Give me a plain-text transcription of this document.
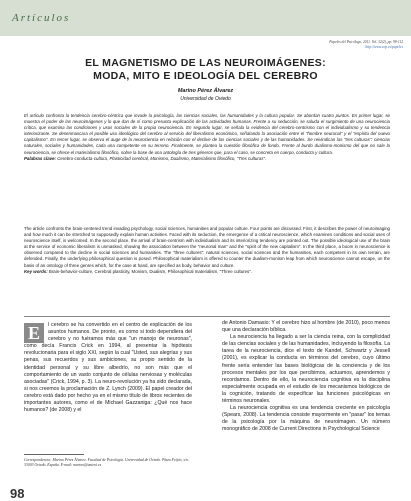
Artículos
Papeles del Psicólogo, 2011. Vol. 32(2), pp. 98-112
http://www.cop.es/papeles
EL MAGNETISMO DE LAS NEUROIMÁGENES:
MODA, MITO E IDEOLOGÍA DEL CEREBRO
Marino Pérez Álvarez
Universidad de Oviedo
El artículo confronta la tendencia cerebro-céntrica que invade la psicología, las ciencias sociales, las humanidades y la cultura popular. Se abordan cuatro puntos. En primer lugar, se muestra el poder de las neuroimágenes y lo que dan de sí como presunta explicación de las actividades humanas. Frente a su seducción, se saluda el surgimiento de una neurociencia crítica, que examina las condiciones y usos sociales de la propia neurociencia. En segundo lugar, se señala la evidencia del cerebro-centrismo con el individualismo y su tendencia interiorizante. Se desenmascara el posible uso ideológico del cerebro al servicio del liberalismo económico, señalando la asociación entre el "hombre neuronal" y el "espíritu del nuevo capitalismo". En tercer lugar, se observa el auge de la neurociencia en relación con el declive de las ciencias sociales y de las humanidades. Se reivindican las "tres culturas": ciencias naturales, sociales y humanidades, cada una competente en su terreno. Finalmente, se plantea la cuestión filosófica de fondo. Frente al burdo dualismo-monismo del que no sale la neurociencia, se ofrece el materialismo filosófico, sobre la base de una antología de tres géneros que, para el caso, se concreta en cuerpo, conducta y cultura.
Palabras clave: Cerebro-conducta-cultura, Plasticidad cerebral, Monismo, Dualismo, Materialismo filosófico, "Tres culturas".
The article confronts the brain-centered trend invading psychology, social sciences, humanities and popular culture. Four points are discussed. First, it describes the power of neuroimaging and how much it can be stretched to supposedly explain human activities. Faced with its seduction, the emergence of a critical neuroscience, which examines conditions and social uses of neuroscience itself, is welcomed. In the second place, the arrival of brain-centrism with individualism and its interiorizing tendency are pointed out. The possible ideological use of the brain at the service of economic liberalism is unmasked, showing the association between the "neuronal man" and the "spirit of the new capitalism". In the third place, a boom in neuroscience is observed compared to the decline in social sciences and humanities. The "three cultures": natural sciences, social sciences and the humanities, each competent in its own terrain, are defended. Finally, the underlying philosophical question is posed. Philosophical materialism is offered to counter the dualism-monism leap from which neuroscience cannot escape, on the basis of an ontology of three genres which, for the case at hand, are specified as body, behavior and culture.
Key words: Brain-behavior-culture, Cerebral plasticity, Monism, Dualism, Philosophical materialism, "Three cultures".
E	l cerebro se ha convertido en el centro de explicación de los asuntos humanos. De pronto, es como si todo dependiera del cerebro y no fuéramos más que "un manojo de neuronas", como decía Francis Crick en 1994, al presentar la hipótesis revolucionaria para el siglo XXI, según la cual "Usted, sus alegrías y sus penas, sus recuerdos y sus ambiciones, su propio sentido de la identidad personal y su libre albedrío, no son más que el comportamiento de un vasto conjunto de células nerviosas y moléculas asociadas" (Crick, 1994, p. 3). La neuro-revolución ya ha sido declarada, si nos creemos la proclamación de Z. Lynch (2009). El papel creador del cerebro está dado por hecho ya en el mismo título de libros recientes de importantes autores, como el de Michael Gazzaniga: ¿Qué nos hace humanos? (de 2008) y el

de Antonio Damasio: Y el cerebro hizo al hombre (de 2010), poco menos que una declaración bíblica.

La neurociencia ha llegado a ser la ciencia reina, con la complicidad de las ciencias sociales y de las humanidades, incluyendo la filosofía. La tarea de la neurociencia, dice el texto de Kandel, Schwartz y Jessell (2001), es explicar la conducta en términos del cerebro, cuyo último frente sería entender las bases biológicas de la conciencia y de los procesos mentales por los que percibimos, actuamos, aprendemos y recordamos. Dentro de ello, la neurociencia cognitiva es la disciplina especialmente ocupada en el estudio de los mecanismos biológicos de la cognición, tratando de especificar las funciones psicológicas en términos neuronales.

La neurociencia cognitiva es una tendencia creciente en psicología (Spears, 2008). La tendencia consiste mayormente en "pasar" los temas de la psicología por la máquina de neuroimagen. Un número monográfico de 2008 de Current Directions in Psychological Science

Correspondencia: Marino Pérez Álvarez. Facultad de Psicología. Universidad de Oviedo. Plaza Feijóo, s/n. 33003 Oviedo. España. E-mail: marino@uniovi.es
98
